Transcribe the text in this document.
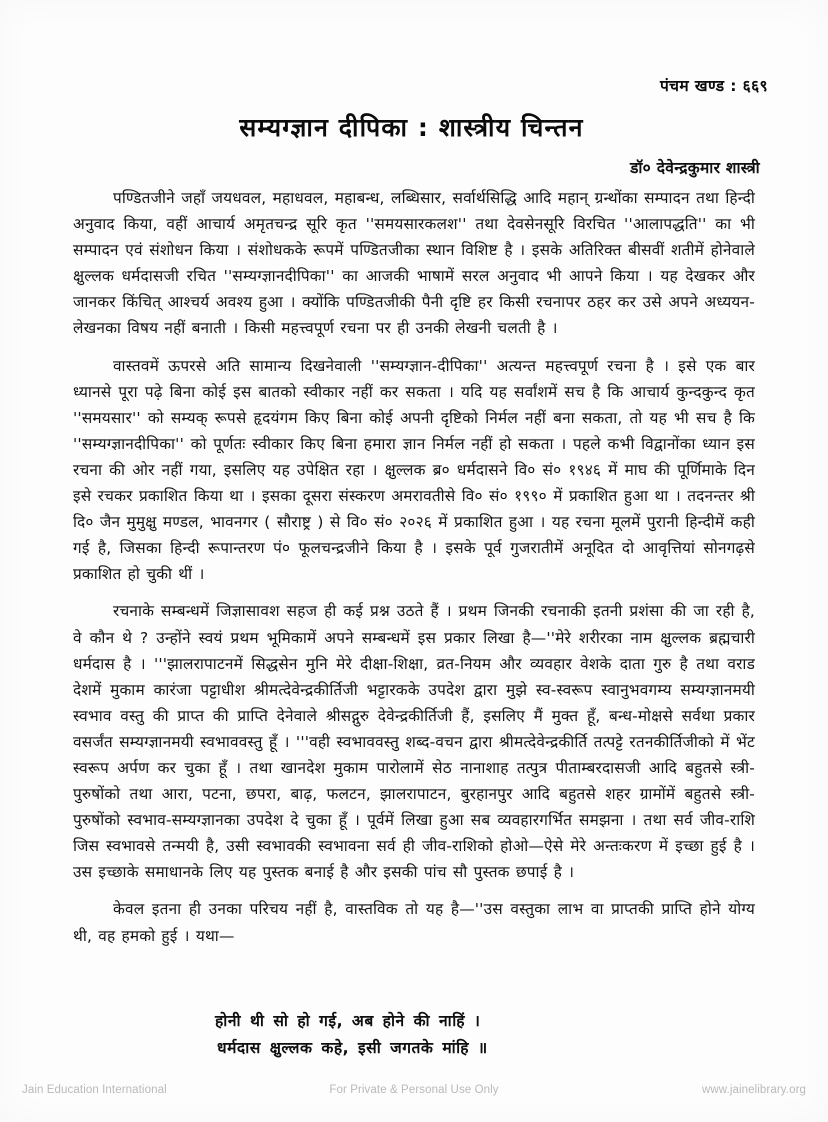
पंचम खण्ड : ६६९
सम्यग्ज्ञान दीपिका : शास्त्रीय चिन्तन
डॉ० देवेन्द्रकुमार शास्त्री

पण्डितजीने जहाँ जयधवल, महाधवल, महाबन्ध, लब्धिसार, सर्वार्थसिद्धि आदि महान् ग्रन्थोंका सम्पादन तथा हिन्दी अनुवाद किया, वहीं आचार्य अमृतचन्द्र सूरि कृत ''समयसारकलश'' तथा देवसेनसूरि विरचित ''आलापद्धति'' का भी सम्पादन एवं संशोधन किया । संशोधकके रूपमें पण्डितजीका स्थान विशिष्ट है । इसके अतिरिक्त बीसवीं शतीमें होनेवाले क्षुल्लक धर्मदासजी रचित ''सम्यग्ज्ञानदीपिका'' का आजकी भाषामें सरल अनुवाद भी आपने किया । यह देखकर और जानकर किंचित् आश्चर्य अवश्य हुआ । क्योंकि पण्डितजीकी पैनी दृष्टि हर किसी रचनापर ठहर कर उसे अपने अध्ययन-लेखनका विषय नहीं बनाती । किसी महत्त्वपूर्ण रचना पर ही उनकी लेखनी चलती है ।

वास्तवमें ऊपरसे अति सामान्य दिखनेवाली ''सम्यग्ज्ञान-दीपिका'' अत्यन्त महत्त्वपूर्ण रचना है । इसे एक बार ध्यानसे पूरा पढ़े बिना कोई इस बातको स्वीकार नहीं कर सकता । यदि यह सर्वांशमें सच है कि आचार्य कुन्दकुन्द कृत ''समयसार'' को सम्यक् रूपसे हृदयंगम किए बिना कोई अपनी दृष्टिको निर्मल नहीं बना सकता, तो यह भी सच है कि ''सम्यग्ज्ञानदीपिका'' को पूर्णतः स्वीकार किए बिना हमारा ज्ञान निर्मल नहीं हो सकता । पहले कभी विद्वानोंका ध्यान इस रचना की ओर नहीं गया, इसलिए यह उपेक्षित रहा । क्षुल्लक ब्र० धर्मदासने वि० सं० १९४६ में माघ की पूर्णिमाके दिन इसे रचकर प्रकाशित किया था । इसका दूसरा संस्करण अमरावतीसे वि० सं० १९९० में प्रकाशित हुआ था । तदनन्तर श्री दि० जैन मुमुक्षु मण्डल, भावनगर ( सौराष्ट्र ) से वि० सं० २०२६ में प्रकाशित हुआ । यह रचना मूलमें पुरानी हिन्दीमें कही गई है, जिसका हिन्दी रूपान्तरण पं० फूलचन्द्रजीने किया है । इसके पूर्व गुजरातीमें अनूदित दो आवृत्तियां सोनगढ़से प्रकाशित हो चुकी थीं ।

रचनाके सम्बन्धमें जिज्ञासावश सहज ही कई प्रश्न उठते हैं । प्रथम जिनकी रचनाकी इतनी प्रशंसा की जा रही है, वे कौन थे ? उन्होंने स्वयं प्रथम भूमिकामें अपने सम्बन्धमें इस प्रकार लिखा है—''मेरे शरीरका नाम क्षुल्लक ब्रह्मचारी धर्मदास है । '''झालरापाटनमें सिद्धसेन मुनि मेरे दीक्षा-शिक्षा, व्रत-नियम और व्यवहार वेशके दाता गुरु है तथा वराड देशमें मुकाम कारंजा पट्टाधीश श्रीमत्देवेन्द्रकीर्तिजी भट्टारकके उपदेश द्वारा मुझे स्व-स्वरूप स्वानुभवगम्य सम्यग्ज्ञानमयी स्वभाव वस्तु की प्राप्त की प्राप्ति देनेवाले श्रीसद्गुरु देवेन्द्रकीर्तिजी हैं, इसलिए मैं मुक्त हूँ, बन्ध-मोक्षसे सर्वथा प्रकार वसर्जंत सम्यग्ज्ञानमयी स्वभाववस्तु हूँ । '''वही स्वभाववस्तु शब्द-वचन द्वारा श्रीमत्देवेन्द्रकीर्ति तत्पट्टे रतनकीर्तिजीको में भेंट स्वरूप अर्पण कर चुका हूँ । तथा खानदेश मुकाम पारोलामें सेठ नानाशाह तत्पुत्र पीताम्बरदासजी आदि बहुतसे स्त्री-पुरुषोंको तथा आरा, पटना, छपरा, बाढ़, फलटन, झालरापाटन, बुरहानपुर आदि बहुतसे शहर ग्रामोंमें बहुतसे स्त्री-पुरुषोंको स्वभाव-सम्यग्ज्ञानका उपदेश दे चुका हूँ । पूर्वमें लिखा हुआ सब व्यवहारगर्भित समझना । तथा सर्व जीव-राशि जिस स्वभावसे तन्मयी है, उसी स्वभावकी स्वभावना सर्व ही जीव-राशिको होओ—ऐसे मेरे अन्तःकरण में इच्छा हुई है । उस इच्छाके समाधानके लिए यह पुस्तक बनाई है और इसकी पांच सौ पुस्तक छपाई है ।

केवल इतना ही उनका परिचय नहीं है, वास्तविक तो यह है—''उस वस्तुका लाभ वा प्राप्तकी प्राप्ति होने योग्य थी, वह हमको हुई । यथा—

होनी थी सो हो गई, अब होने की नाहिं ।
धर्मदास क्षुल्लक कहे, इसी जगतके मांहि ॥
Jain Education International	For Private & Personal Use Only	www.jainelibrary.org
